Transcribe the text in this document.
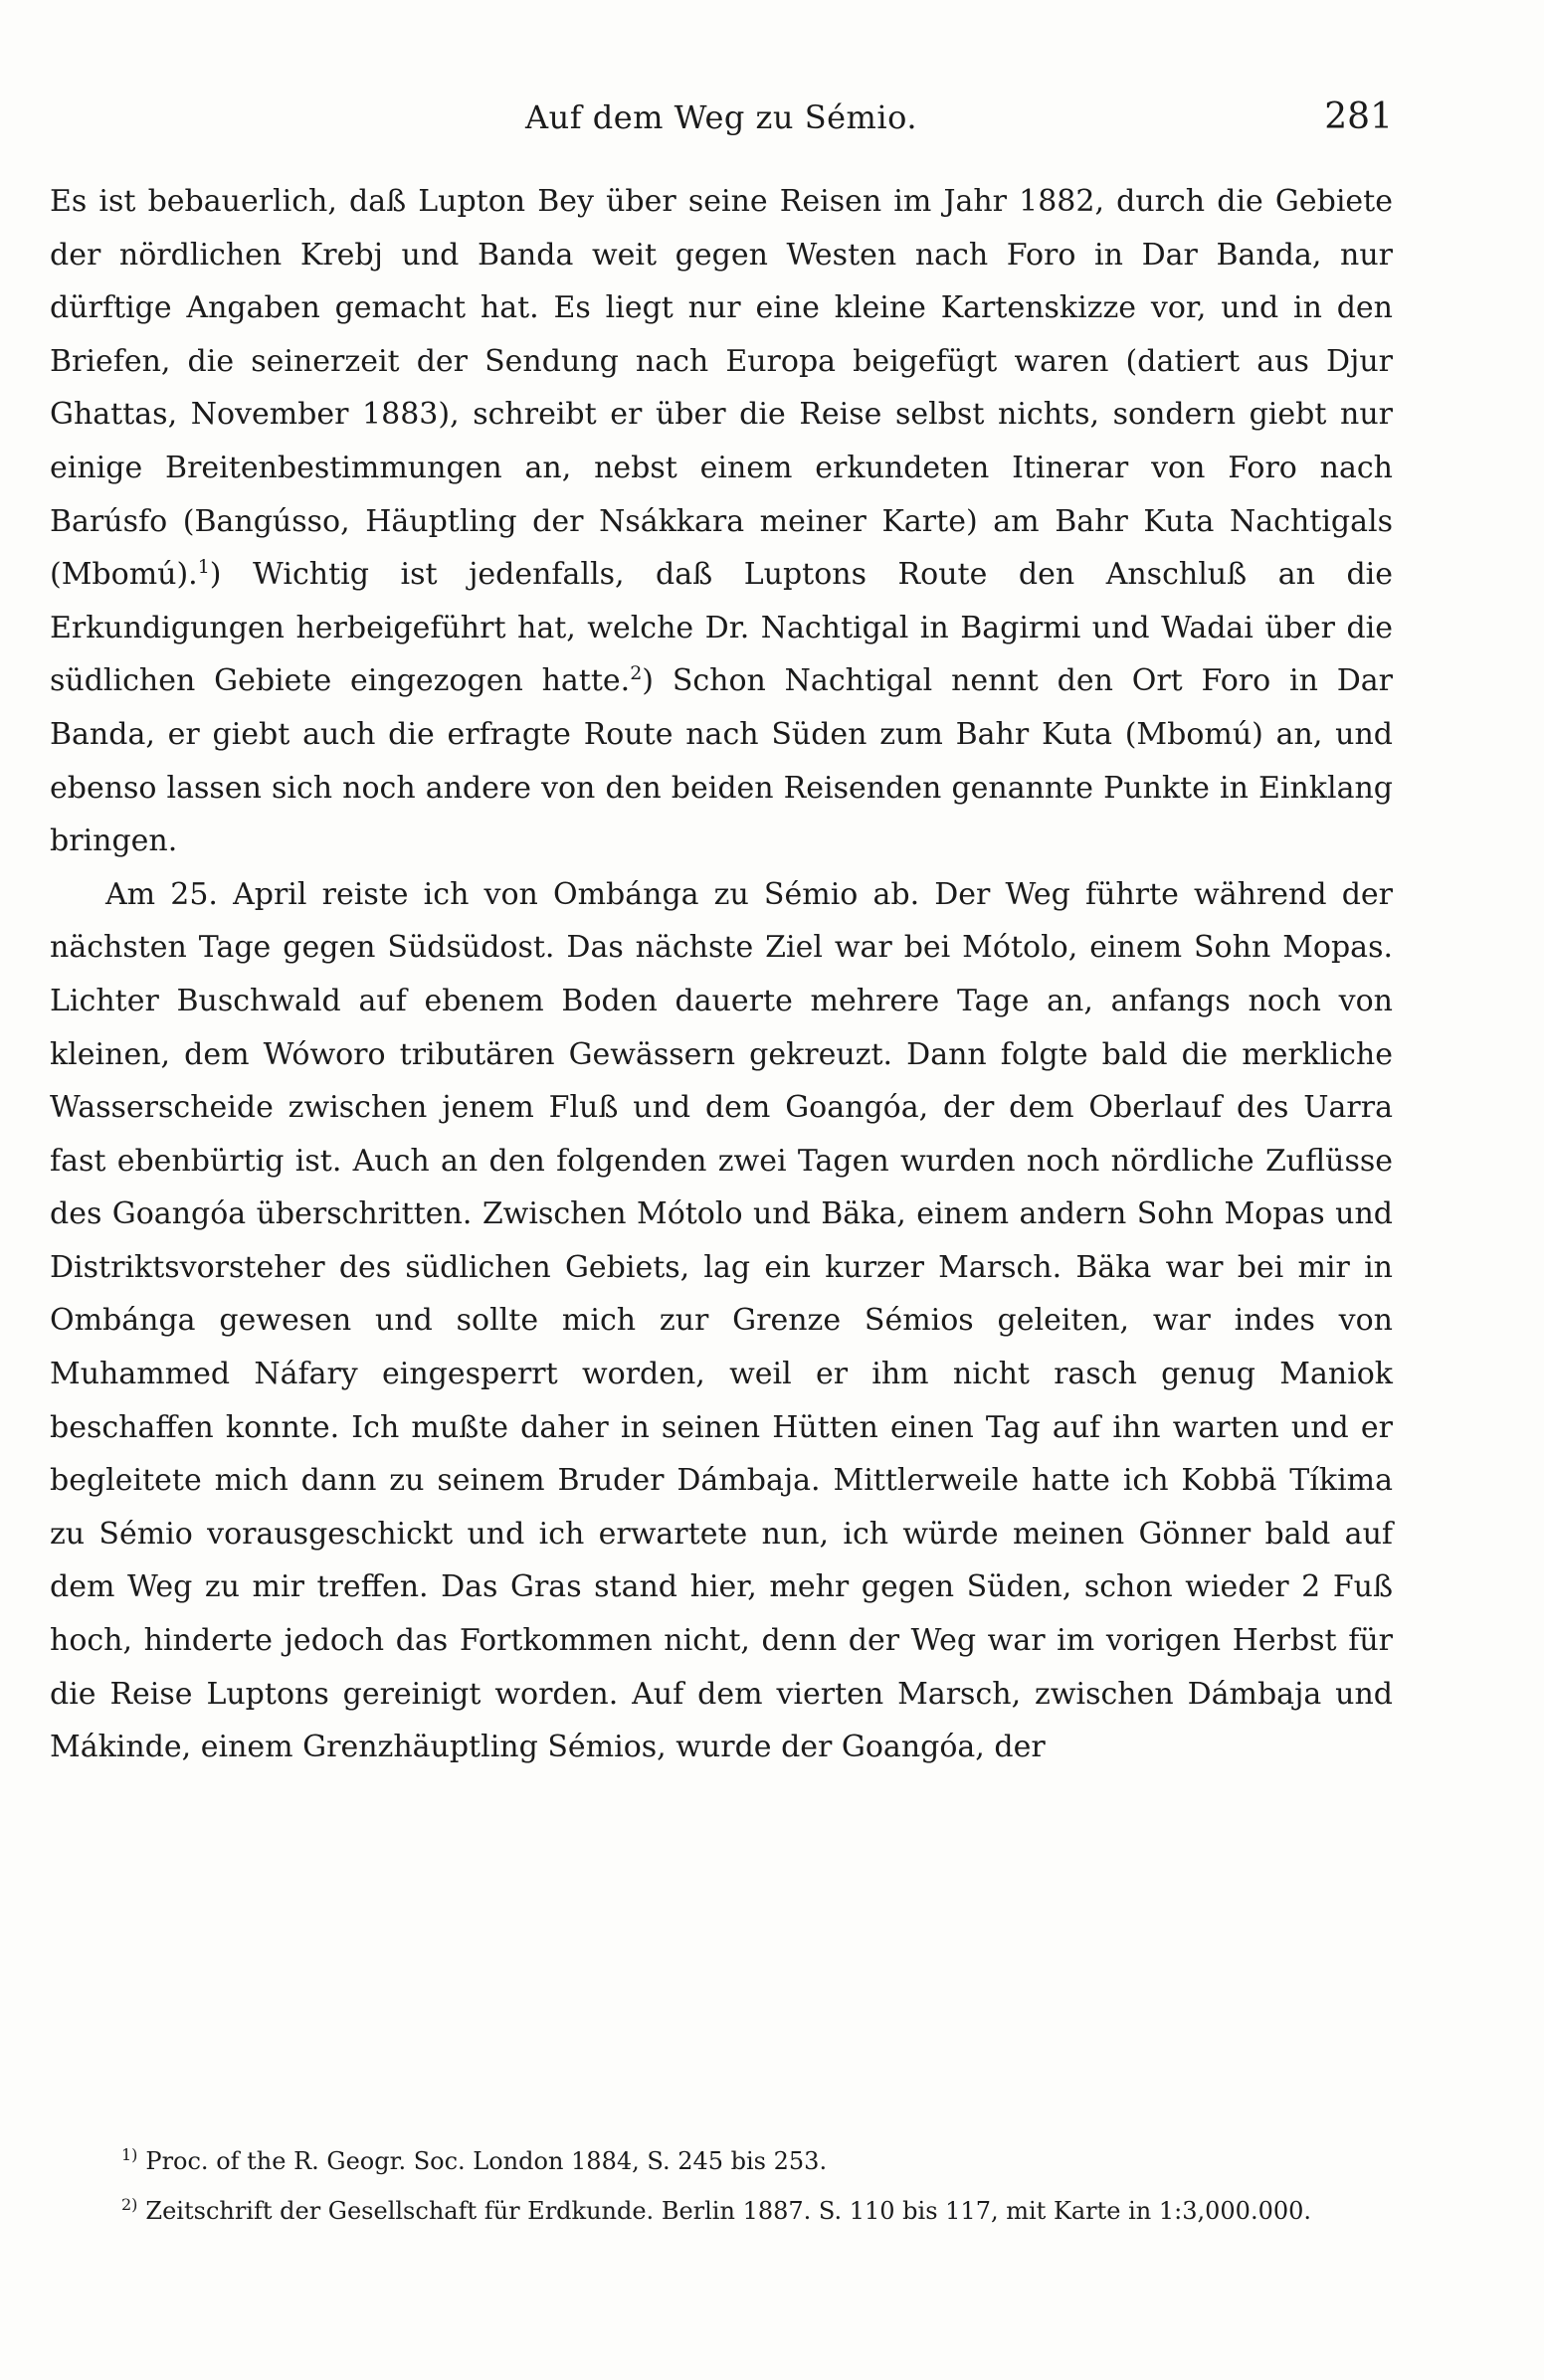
Auf dem Weg zu Sémio.	281

Es ist bebauerlich, daß Lupton Bey über seine Reisen im Jahr 1882, durch die Gebiete der nördlichen Krebj und Banda weit gegen Westen nach Foro in Dar Banda, nur dürftige Angaben gemacht hat. Es liegt nur eine kleine Kartenskizze vor, und in den Briefen, die seinerzeit der Sendung nach Europa beigefügt waren (datiert aus Djur Ghattas, November 1883), schreibt er über die Reise selbst nichts, sondern giebt nur einige Breitenbestimmungen an, nebst einem erkundeten Itinerar von Foro nach Barúsfo (Bangússo, Häuptling der Nsákkara meiner Karte) am Bahr Kuta Nachtigals (Mbomú).$^1$) Wichtig ist jedenfalls, daß Luptons Route den Anschluß an die Erkundigungen herbeigeführt hat, welche Dr. Nachtigal in Bagirmi und Wadai über die südlichen Gebiete eingezogen hatte.$^2$) Schon Nachtigal nennt den Ort Foro in Dar Banda, er giebt auch die erfragte Route nach Süden zum Bahr Kuta (Mbomú) an, und ebenso lassen sich noch andere von den beiden Reisenden genannte Punkte in Einklang bringen.

Am 25. April reiste ich von Ombánga zu Sémio ab. Der Weg führte während der nächsten Tage gegen Südsüdost. Das nächste Ziel war bei Mótolo, einem Sohn Mopas. Lichter Buschwald auf ebenem Boden dauerte mehrere Tage an, anfangs noch von kleinen, dem Wóworo tributären Gewässern gekreuzt. Dann folgte bald die merkliche Wasserscheide zwischen jenem Fluß und dem Goangóa, der dem Oberlauf des Uarra fast ebenbürtig ist. Auch an den folgenden zwei Tagen wurden noch nördliche Zuflüsse des Goangóa überschritten. Zwischen Mótolo und Bäka, einem andern Sohn Mopas und Distriktsvorsteher des südlichen Gebiets, lag ein kurzer Marsch. Bäka war bei mir in Ombánga gewesen und sollte mich zur Grenze Sémios geleiten, war indes von Muhammed Náfary eingesperrt worden, weil er ihm nicht rasch genug Maniok beschaffen konnte. Ich mußte daher in seinen Hütten einen Tag auf ihn warten und er begleitete mich dann zu seinem Bruder Dámbaja. Mittlerweile hatte ich Kobbä Tíkima zu Sémio vorausgeschickt und ich erwartete nun, ich würde meinen Gönner bald auf dem Weg zu mir treffen. Das Gras stand hier, mehr gegen Süden, schon wieder 2 Fuß hoch, hinderte jedoch das Fortkommen nicht, denn der Weg war im vorigen Herbst für die Reise Luptons gereinigt worden. Auf dem vierten Marsch, zwischen Dámbaja und Mákinde, einem Grenzhäuptling Sémios, wurde der Goangóa, der

$^{1)}$ Proc. of the R. Geogr. Soc. London 1884, S. 245 bis 253.

$^{2)}$ Zeitschrift der Gesellschaft für Erdkunde. Berlin 1887. S. 110 bis 117, mit Karte in 1:3,000.000.
